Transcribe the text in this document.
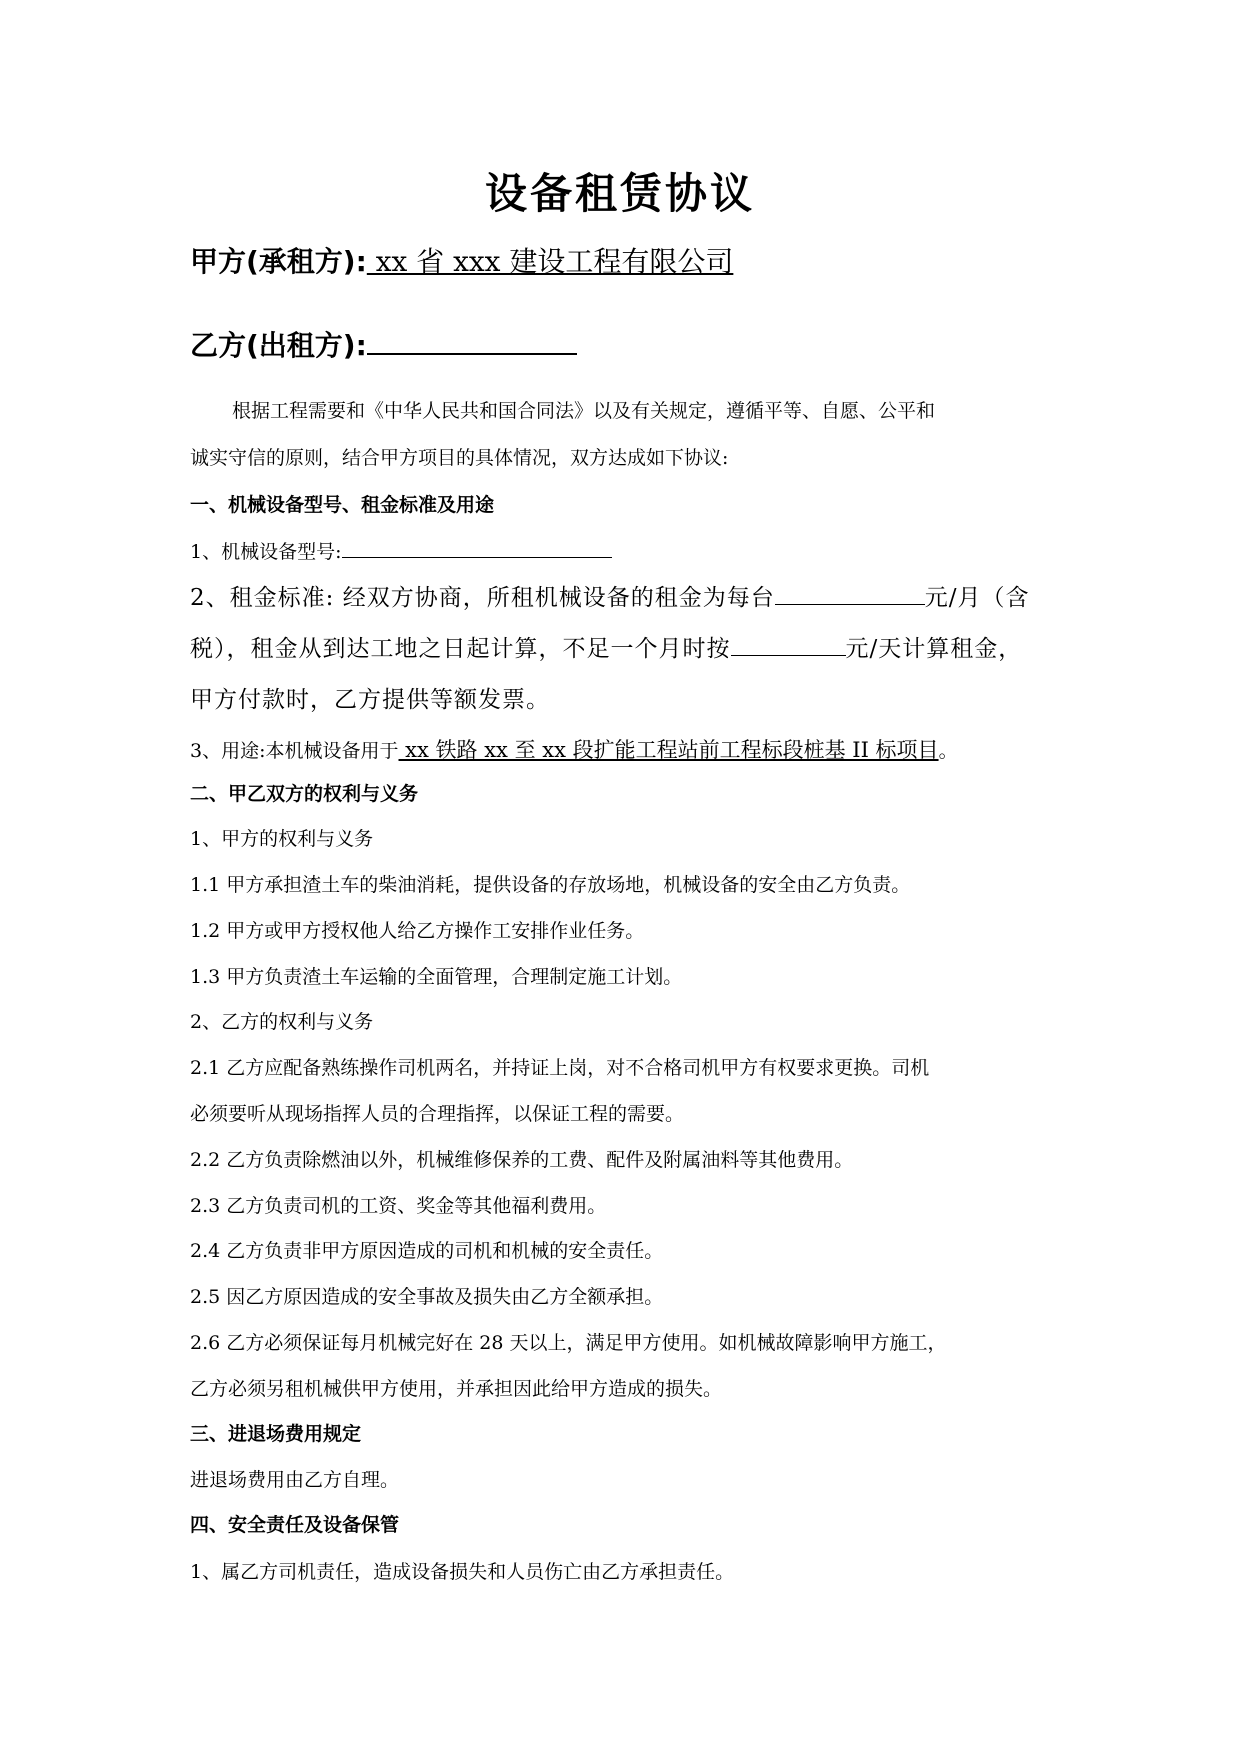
设备租赁协议
甲方(承租方): xx 省 xxx 建设工程有限公司
乙方(出租方):
根据工程需要和《中华人民共和国合同法》以及有关规定，遵循平等、自愿、公平和
诚实守信的原则，结合甲方项目的具体情况，双方达成如下协议:
一、机械设备型号、租金标准及用途
1、机械设备型号:
2、租金标准: 经双方协商，所租机械设备的租金为每台	元/月（含
税），租金从到达工地之日起计算，不足一个月时按	元/天计算租金，
甲方付款时，乙方提供等额发票。
3、用途:本机械设备用于 xx 铁路 xx 至 xx 段扩能工程站前工程标段桩基 II 标项目。
二、甲乙双方的权利与义务
1、甲方的权利与义务
1.1 甲方承担渣土车的柴油消耗，提供设备的存放场地，机械设备的安全由乙方负责。
1.2 甲方或甲方授权他人给乙方操作工安排作业任务。
1.3 甲方负责渣土车运输的全面管理，合理制定施工计划。
2、乙方的权利与义务
2.1 乙方应配备熟练操作司机两名，并持证上岗，对不合格司机甲方有权要求更换。司机
必须要听从现场指挥人员的合理指挥，以保证工程的需要。
2.2 乙方负责除燃油以外，机械维修保养的工费、配件及附属油料等其他费用。
2.3 乙方负责司机的工资、奖金等其他福利费用。
2.4 乙方负责非甲方原因造成的司机和机械的安全责任。
2.5 因乙方原因造成的安全事故及损失由乙方全额承担。
2.6 乙方必须保证每月机械完好在 28 天以上，满足甲方使用。如机械故障影响甲方施工，
乙方必须另租机械供甲方使用，并承担因此给甲方造成的损失。
三、进退场费用规定
进退场费用由乙方自理。
四、安全责任及设备保管
1、属乙方司机责任，造成设备损失和人员伤亡由乙方承担责任。
